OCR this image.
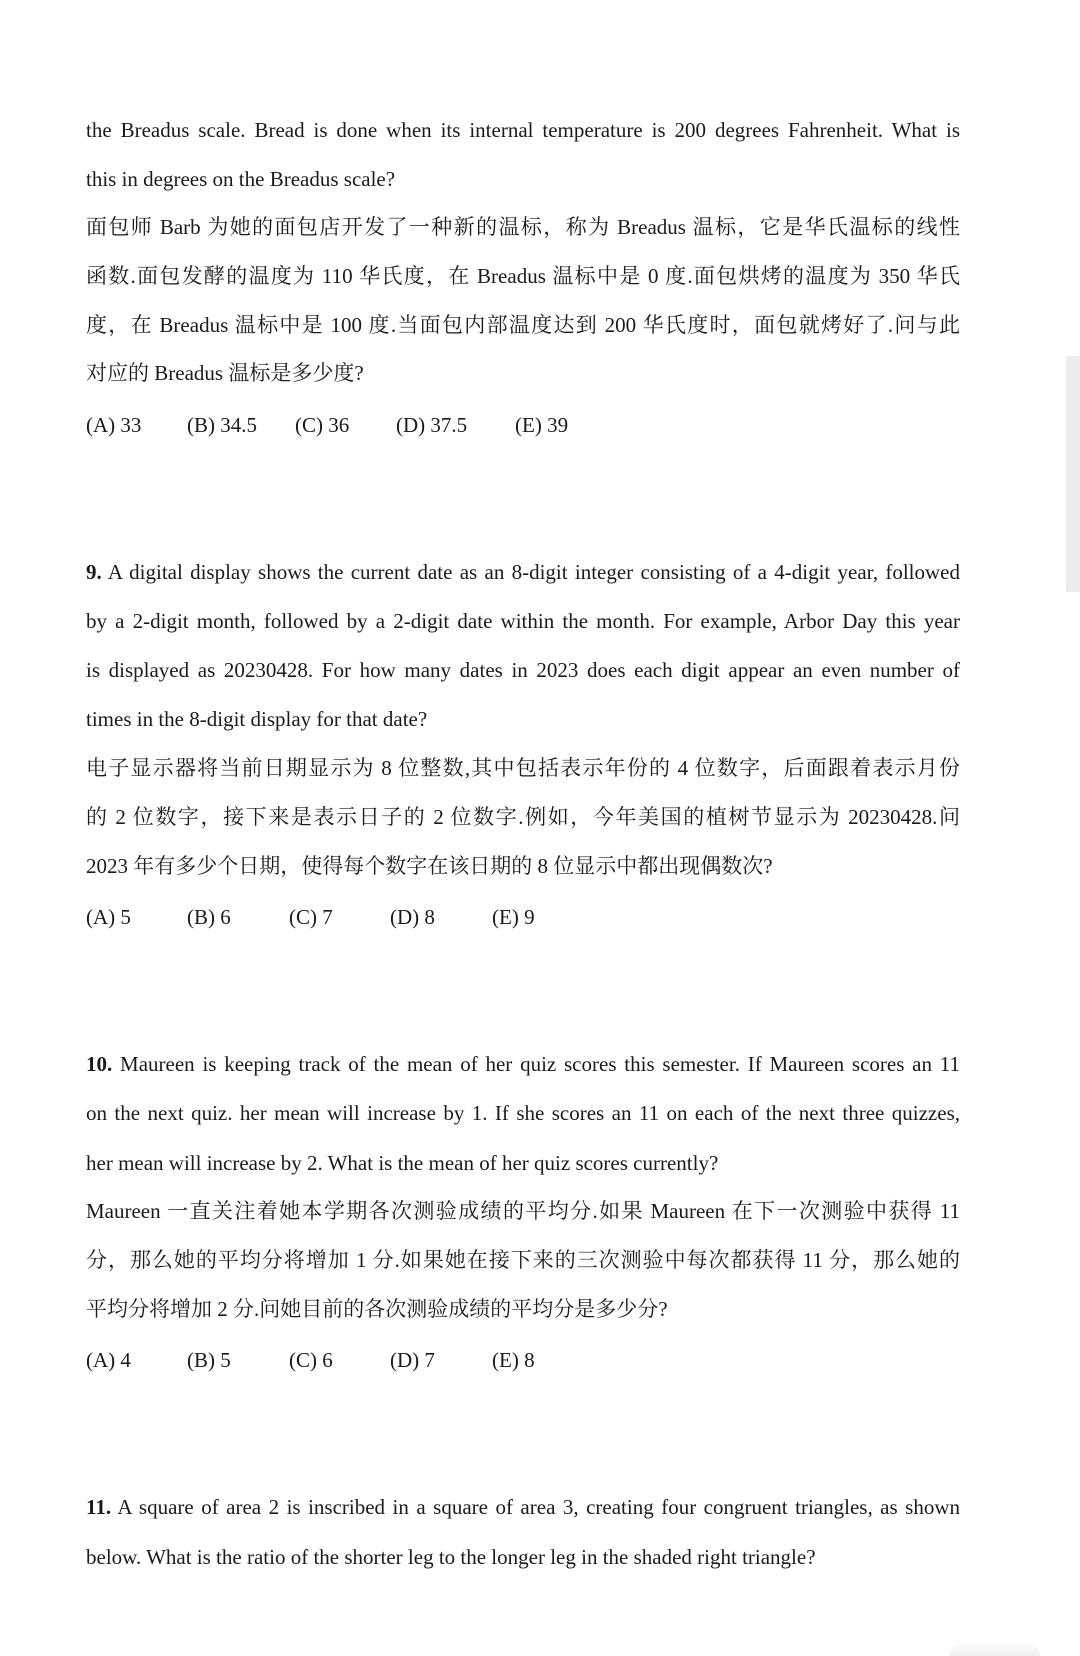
the Breadus scale. Bread is done when its internal temperature is 200 degrees Fahrenheit. What is
this in degrees on the Breadus scale?
面包师 Barb 为她的面包店开发了一种新的温标，称为 Breadus 温标，它是华氏温标的线性
函数.面包发酵的温度为 110 华氏度，在 Breadus 温标中是 0 度.面包烘烤的温度为 350 华氏
度，在 Breadus 温标中是 100 度.当面包内部温度达到 200 华氏度时，面包就烤好了.问与此
对应的 Breadus 温标是多少度?
(A) 33 (B) 34.5 (C) 36 (D) 37.5 (E) 39
9. A digital display shows the current date as an 8-digit integer consisting of a 4-digit year, followed
by a 2-digit month, followed by a 2-digit date within the month. For example, Arbor Day this year
is displayed as 20230428. For how many dates in 2023 does each digit appear an even number of
times in the 8-digit display for that date?
电子显示器将当前日期显示为 8 位整数,其中包括表示年份的 4 位数字，后面跟着表示月份
的 2 位数字，接下来是表示日子的 2 位数字.例如，今年美国的植树节显示为 20230428.问
2023 年有多少个日期，使得每个数字在该日期的 8 位显示中都出现偶数次?
(A) 5	(B) 6	(C) 7	(D) 8	(E) 9
10. Maureen is keeping track of the mean of her quiz scores this semester. If Maureen scores an 11
on the next quiz. her mean will increase by 1. If she scores an 11 on each of the next three quizzes,
her mean will increase by 2. What is the mean of her quiz scores currently?
Maureen 一直关注着她本学期各次测验成绩的平均分.如果 Maureen 在下一次测验中获得 11
分，那么她的平均分将增加 1 分.如果她在接下来的三次测验中每次都获得 11 分，那么她的
平均分将增加 2 分.问她目前的各次测验成绩的平均分是多少分?
(A) 4	(B) 5	(C) 6	(D) 7	(E) 8
11. A square of area 2 is inscribed in a square of area 3, creating four congruent triangles, as shown
below. What is the ratio of the shorter leg to the longer leg in the shaded right triangle?
